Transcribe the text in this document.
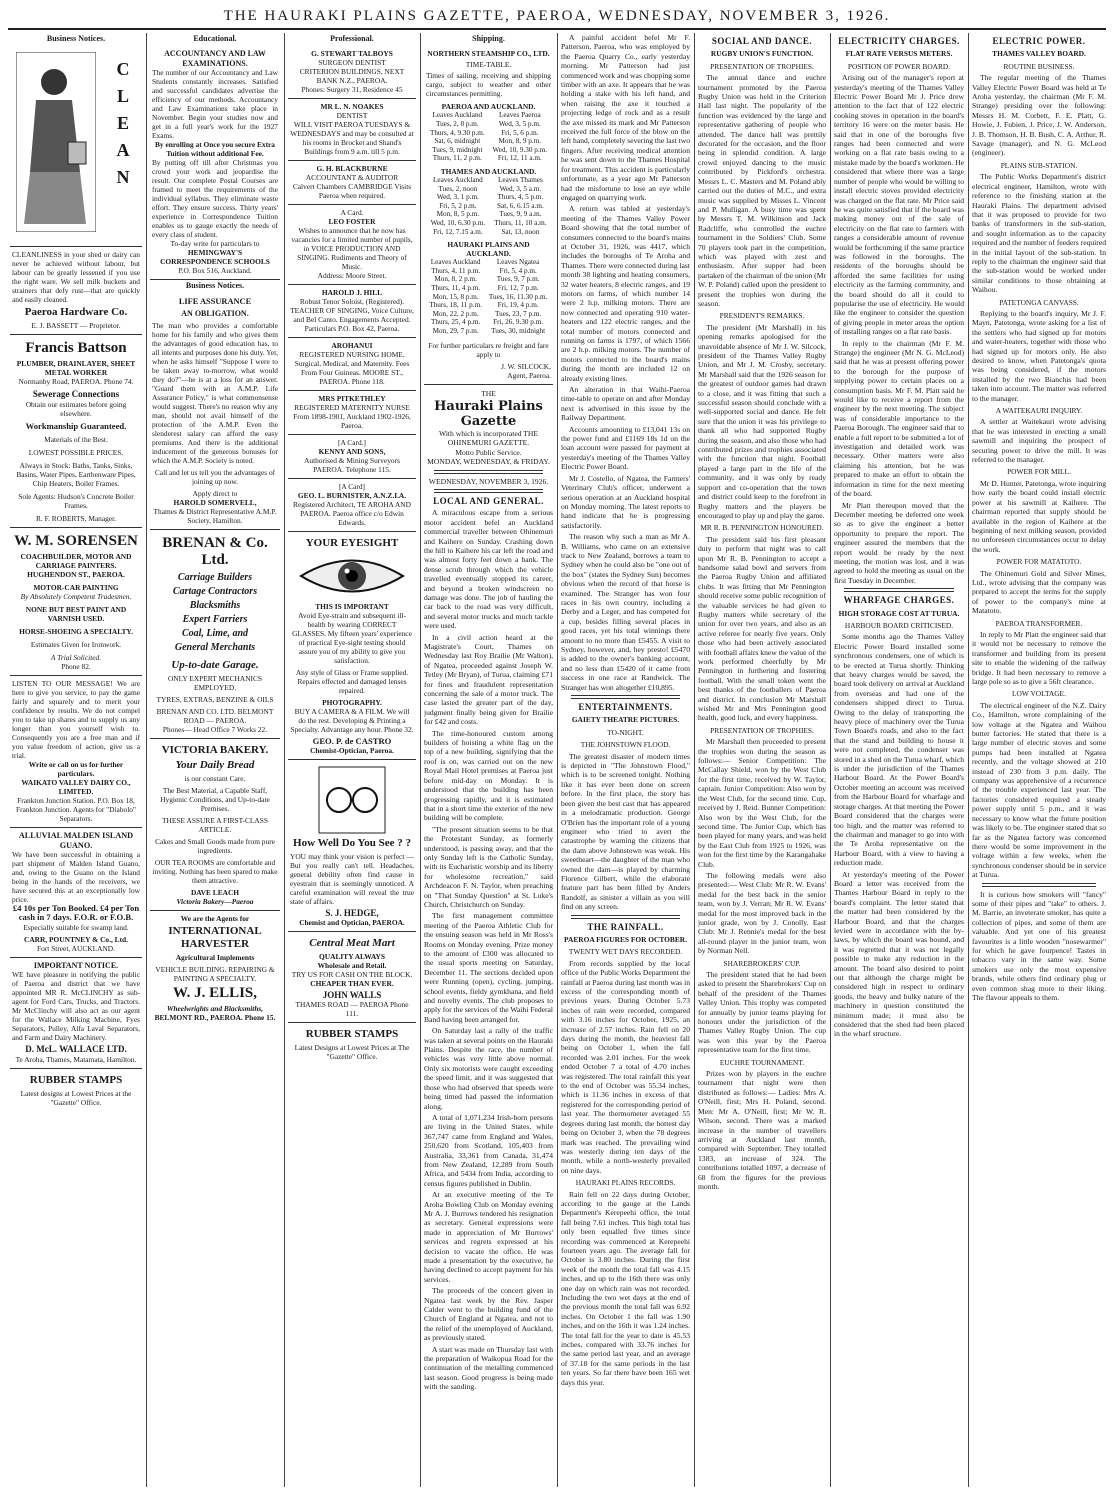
THE HAURAKI PLAINS GAZETTE, PAEROA, WEDNESDAY, NOVEMBER 3, 1926.
Business Notices.
C
L
E
A
N
CLEANLINESS in your shed or dairy can never be achieved without labour, but labour can be greatly lessened if you use the right ware. We sell milk buckets and strainers that defy rust—that are quickly and easily cleaned.
Paeroa Hardware Co.
E. J. BASSETT — Proprietor.
Francis Battson
PLUMBER, DRAINLAYER, SHEET METAL WORKER
Normanby Road, PAEROA. Phone 74.
Sewerage Connections
Obtain our estimates before going elsewhere.
Workmanship Guaranteed.
Materials of the Best.
LOWEST POSSIBLE PRICES.
Always in Stock: Baths, Tanks, Sinks, Basins, Water Pipes, Earthenware Pipes, Chip Heaters, Boiler Frames.
Sole Agents: Hudson's Concrete Boiler Frames.
R. F. ROBERTS, Manager.
W. M. SORENSEN
COACHBUILDER, MOTOR AND CARRIAGE PAINTERS. HUGHENDON ST., PAEROA.
MOTOR-CAR PAINTING
By Absolutely Competent Tradesmen.
NONE BUT BEST PAINT AND VARNISH USED.
HORSE-SHOEING A SPECIALTY.
Estimates Given for Ironwork.
A Trial Solicited.
Phone 82.
LISTEN TO OUR MESSAGE! We are here to give you service, to pay the game fairly and squarely and to merit your confidence by results. We do not compel you to take up shares and to supply us any longer than you yourself wish to. Consequently you are a free man and if you value freedom of action, give us a trial.
Write or call on us for further particulars.
WAIKATO VALLEY DAIRY CO., LIMITED.
Frankton Junction Station. P.O. Box 18, Frankton Junction. Agents for "Diabolo" Separators.
ALLUVIAL MALDEN ISLAND GUANO.
We have been successful in obtaining a part shipment of Malden Island Guano, and, owing to the Guano on the Island being in the hands of the receivers, we have secured this at an exceptionally low price.
£4 10s per Ton Booked. £4 per Ton cash in 7 days. F.O.R. or F.O.B.
Especially suitable for swamp land.
CARR, POUNTNEY & Co., Ltd.
Fort Street, AUCKLAND.
IMPORTANT NOTICE.
WE have pleasure in notifying the public of Paeroa and district that we have appointed MR R. McCLINCHY as sub-agent for Ford Cars, Trucks, and Tractors. Mr McClinchy will also act as our agent for the Wallace Milking Machine, Fyes Separators, Pulley, Alfa Laval Separators, and Farm and Dairy Machinery.
D. McL. WALLACE LTD.
Te Aroha, Thames, Matamata, Hamilton.
RUBBER STAMPS
Latest designs at Lowest Prices at the "Gazette" Office.
Educational.
ACCOUNTANCY AND LAW EXAMINATIONS.
The number of our Accountancy and Law Students constantly increases. Satisfied and successful candidates advertise the efficiency of our methods. Accountancy and Law Examinations take place in November. Begin your studies now and get in a full year's work for the 1927 Exams.
By enrolling at Once you secure Extra Tuition without additional Fee.
By putting off till after Christmas you crowd your work and jeopardise the result. Our complete Postal Courses are framed to meet the requirements of the individual syllabus. They eliminate waste effort. They ensure success. Thirty years' experience in Correspondence Tuition enables us to gauge exactly the needs of every class of student.
To-day write for particulars to
HEMINGWAY'S CORRESPONDENCE SCHOOLS
P.O. Box 516, Auckland.
Business Notices.
LIFE ASSURANCE
AN OBLIGATION.
The man who provides a comfortable home for his family and who gives them the advantages of good education has, to all intents and purposes done his duty. Yet, when he asks himself "Suppose I were to be taken away to-morrow, what would they do?"—he is at a loss for an answer. "Guard them with an A.M.P. Life Assurance Policy," is what commonsense would suggest. There's no reason why any man, should not avail himself of the protection of the A.M.P. Even the slenderest salary can afford the easy premiums. And there is the additional inducement of the generous bonuses for which the A.M.P. Society is noted.
Call and let us tell you the advantages of joining up now.
Apply direct to
HAROLD SOMERVELL,
Thames & District Representative A.M.P. Society, Hamilton.
BRENAN & Co. Ltd.
Carriage Builders
Cartage Contractors
Blacksmiths
Expert Farriers
Coal, Lime, and
General Merchants
Up-to-date Garage.
ONLY EXPERT MECHANICS EMPLOYED.
TYRES, EXTRAS, BENZINE & OILS
BRENAN AND CO. LTD. BELMONT ROAD — PAEROA.
Phones— Head Office 7 Works 22.
VICTORIA BAKERY.
Your Daily Bread
is our constant Care.
The Best Material, a Capable Staff, Hygienic Conditions, and Up-to-date Premises.
THESE ASSURE A FIRST-CLASS ARTICLE.
Cakes and Small Goods made from pure ingredients.
OUR TEA ROOMS are comfortable and inviting. Nothing has been spared to make them attractive.
DAVE LEACH
Victoria Bakery—Paeroa
We are the Agents for
INTERNATIONAL HARVESTER
Agricultural Implements
VEHICLE BUILDING. REPAIRING & PAINTING A SPECIALTY.
W. J. ELLIS,
Wheelwrights and Blacksmiths,
BELMONT RD., PAEROA. Phone 15.
Professional.
G. STEWART TALBOYS
SURGEON DENTIST
CRITERION BUILDINGS, NEXT BANK N.Z., PAEROA.
Phones: Surgery 31, Residence 45
MR L. N. NOAKES
DENTIST
WILL VISIT PAEROA TUESDAYS & WEDNESDAYS and may be consulted at his rooms in Brocket and Shand's Buildings from 9 a.m. till 5 p.m.
G. H. BLACKBURNE
ACCOUNTANT & AUDITOR
Calvert Chambers CAMBRIDGE Visits Paeroa when required.
A Card.
LEO FOSTER
Wishes to announce that he now has vacancies for a limited number of pupils, in VOICE PRODUCTION AND SINGING. Rudiments and Theory of Music.
Address: Moore Street.
HAROLD J. HILL
Robust Tenor Soloist, (Registered). TEACHER OF SINGING, Voice Culture, and Bel Canto. Engagements Accepted.
Particulars P.O. Box 42, Paeroa.
AROHANUI
REGISTERED NURSING HOME. Surgical, Medical, and Maternity. Fees From Four Guineas. MOORE ST., PAEROA. Phone 118.
MRS PITKETHLEY
REGISTERED MATERNITY NURSE From 1898-1901, Auckland 1902-1926, Paeroa.
[A Card.]
KENNY AND SONS,
Authorised & Mining Surveyors PAEROA. Telephone 115.
[A Card]
GEO. L. BURNISTER, A.N.Z.I.A.
Registered Architect, TE AROHA AND PAEROA. Paeroa office c/o Edwin Edwards.
YOUR EYESIGHT
THIS IS IMPORTANT
Avoid Eye-strain and subsequent ill-health by wearing CORRECT GLASSES. My fifteen years' experience of practical Eye-sight testing should assure you of my ability to give you satisfaction.
Any style of Glass or Frame supplied. Repairs effected and damaged lenses repaired.
PHOTOGRAPHY.
BUY A CAMERA & A FILM. We will do the rest. Developing & Printing a Specialty. Advantage any hour. Phone 32.
GEO. P. de CASTRO
Chemist-Optician, Paeroa.
How Well Do You See ? ?
YOU may think your vision is perfect — But you really can't tell. Headaches, general debility often find cause in eyestrain that is seemingly unnoticed. A careful examination will reveal the true state of affairs.
S. J. HEDGE,
Chemist and Optician, PAEROA.
Central Meat Mart
QUALITY ALWAYS
Wholesale and Retail.
TRY US FOR CASH ON THE BLOCK.
CHEAPER THAN EVER.
JOHN WALLS
THAMES ROAD — PAEROA Phone 111.
RUBBER STAMPS
Latest Designs at Lowest Prices at The "Gazette" Office.
Shipping.
NORTHERN STEAMSHIP CO., LTD.
TIME-TABLE.
Times of sailing, receiving and shipping cargo, subject to weather and other circumstances permitting.
PAEROA AND AUCKLAND.
Leaves Auckland	Leaves Paeroa
Tues, 2, 8 p.m.	Wed, 3, 5 p.m.
Thurs, 4, 9.30 p.m.	Fri, 5, 6 p.m.
Sat, 6, midnight	Mon, 8, 9 p.m.
Tues, 9, midnight	Wed, 10, 9.30 p.m.
Thurs, 11, 2 p.m.	Fri, 12, 11 a.m.
THAMES AND AUCKLAND.
Leaves Auckland	Leaves Thames
Tues, 2, noon	Wed, 3, 5 a.m.
Wed, 3, 1 p.m.	Thurs, 4, 5 p.m.
Fri, 5, 2 p.m.	Sat, 6, 6.15 a.m.
Mon, 8, 5 p.m.	Tues, 9, 9 a.m.
Wed, 10, 6.30 p.m.	Thurs, 11, 10 a.m.
Fri, 12, 7.15 a.m.	Sat, 13, noon
HAURAKI PLAINS AND AUCKLAND.
Leaves Auckland	Leaves Ngatea
Thurs, 4, 11 p.m.	Fri, 5, 4 p.m.
Mon, 8, 2 p.m.	Tues, 9, 7 p.m.
Thurs, 11, 4 p.m.	Fri, 12, 7 p.m.
Mon, 15, 8 p.m.	Tues, 16, 11.30 p.m.
Thurs, 18, 11 p.m.	Fri, 19, 4 p.m.
Mon, 22, 2 p.m.	Tues, 23, 7 p.m.
Thurs, 25, 4 p.m.	Fri, 26, 9.30 p.m.
Mon, 29, 7 p.m.	Tues, 30, midnight
For further particulars re freight and fare apply to
J. W. SILCOCK,
Agent, Paeroa.
THE
Hauraki Plains Gazette
With which is incorporated THE OHINEMURI GAZETTE.
Motto Public Service.
MONDAY, WEDNESDAY, & FRIDAY.
WEDNESDAY, NOVEMBER 3, 1926.
LOCAL AND GENERAL.

A miraculous escape from a serious motor accident befel an Auckland commercial traveller between Ohinemuri and Kaihere on Sunday. Crashing down the hill to Kaihere his car left the road and was almost forty feet down a bank. The dense scrub through which the vehicle travelled eventually stopped its career, and beyond a broken windscreen no damage was done. The job of hauling the car back to the road was very difficult, and several motor trucks and much tackle were used.

In a civil action heard at the Magistrate's Court, Thames on Wednesday last Roy Brailie (Mr Walton), of Ngatea, proceeded against Joseph W. Tetley (Mr Bryan), of Turua, claiming £71 for fines and fraudulent representation concerning the sale of a motor truck. The case lasted the greater part of the day, judgment finally being given for Brailie for £42 and costs.

The time-honoured custom among builders of hoisting a white flag on the top of a new building, signifying that the roof is on, was carried out on the new Royal Mail Hotel premises at Paeroa just before mid-day on Monday. It is understood that the building has been progressing rapidly, and it is estimated that in a short time the exterior of the new building will be complete.

"The present situation seems to be that the Protestant Sunday, as formerly understood, is passing away, and that the only Sunday left is the Catholic Sunday, with its Eucharistic worship and its liberty for wholesome recreation," said Archdeacon F. N. Taylor, when preaching on "That Sunday Question" at St. Luke's Church, Christchurch on Sunday.

The first management committee meeting of the Paeroa Athletic Club for the ensuing season was held in Mr Ross's Rooms on Monday evening. Prize money to the amount of £300 was allocated to the usual sports meeting on Saturday, December 11. The sections decided upon were Running (open), cycling, jumping, school events, fieldy gymkhana, and field and novelty events. The club proposes to apply for the services of the Waihi Federal Band having been arranged for.

On Saturday last a rally of the traffic was taken at several points on the Hauraki Plains. Despite the race, the number of vehicles was very little above normal. Only six motorists were caught exceeding the speed limit, and it was suggested that those who had observed that speeds were being timed had passed the information along.

A total of 1,071,234 Irish-born persons are living in the United States, while 367,747 came from England and Wales, 250,620 from Scotland, 105,403 from Australia, 33,361 from Canada, 31,474 from New Zealand, 12,289 from South Africa, and 5434 from India, according to census figures published in Dublin.

At an executive meeting of the Te Aroha Bowling Club on Monday evening Mr A. J. Burrows tendered his resignation as secretary. General expressions were made in appreciation of Mr Burrows' services and regrets expressed at his decision to vacate the office. He was made a presentation by the executive, he having declined to accept payment for his services.

The proceeds of the concert given in Ngatea last week by the Rev. Jasper Calder went to the building fund of the Church of England at Ngatea, and not to the relief of the unemployed of Auckland, as previously stated.

A start was made on Thursday last with the preparation of Waikopua Road for the continuation of the metalling commenced last season. Good progress is being made with the sanding.

A painful accident befel Mr F. Patterson, Paeroa, who was employed by the Paeroa Quarry Co., early yesterday morning. Mr Patterson had just commenced work and was chopping some timber with an axe. It appears that he was holding a stake with his left hand, and when raising the axe it touched a projecting ledge of rock and as a result the axe missed its mark and Mr Patterson received the full force of the blow on the left hand, completely severing the last two fingers. After receiving medical attention he was sent down to the Thames Hospital for treatment. This accident is particularly unfortunate, as a year ago Mr Patterson had the misfortune to lose an eye while engaged on quarrying work.

A return was tabled at yesterday's meeting of the Thames Valley Power Board showing that the total number of consumers connected to the board's mains at October 31, 1926, was 4417, which includes the boroughs of Te Aroha and Thames. There were connected during last month 38 lighting and heating consumers, 32 water heaters, 8 electric ranges, and 19 motors on farms, of which number 14 were 2 h.p. milking motors. There are now connected and operating 910 water-heaters and 122 electric ranges, and the total number of motors connected and running on farms is 1797, of which 1566 are 2 h.p. milking motors. The number of motors connected to the board's mains during the month are included 12 on already existing lines.

An alteration in that Waihi-Paeroa time-table to operate on and after Monday next is advertised in this issue by the Railway Department.

Accounts amounting to £13,041 13s on the power fund and £1169 18s 1d on the loan account were passed for payment at yesterday's meeting of the Thames Valley Electric Power Board.

Mr J. Costello, of Ngatea, the Farmers' Veterinary Club's officer, underwent a serious operation at an Auckland hospital on Monday morning. The latest reports to hand indicate that he is progressing satisfactorily.

The reason why such a man as Mr A. B. Williams, who came on an extensive track to New Zealand, borrows a team to Sydney when he could also be "one out of the box" (states the Sydney Sun) becomes obvious when the record of that horse is examined. The Stranger has won four races in his own country, including a Derby and a Leger, and has competed for a cup, besides filling several places in good races, yet his total winnings there amount to no more than £5455. A visit to Sydney, however, and, hey presto! £5470 is added to the owner's banking account, and no less than £5420 of it came from success in one race at Randwick. The Stranger has won altogether £10,895.

ENTERTAINMENTS.
GAIETY THEATRE PICTURES.
TO-NIGHT.
THE JOHNSTOWN FLOOD.

The greatest disaster of modern times is depicted in "The Johnstown Flood," which is to be screened tonight. Nothing like it has ever been done on screen before. In the first place, the story has been given the best cast that has appeared in a melodramatic production. George O'Brien has the important role of a young engineer who tried to avert the catastrophe by warning the citizens that the dam above Johnstown was weak. His sweetheart—the daughter of the man who owned the dam—is played by charming Florence Gilbert, while the elaborate feature part has been filled by Anders Randolf, as sinister a villain as you will find on any screen.

THE RAINFALL.
PAEROA FIGURES FOR OCTOBER.
TWENTY WET DAYS RECORDED.

From records supplied by the local office of the Public Works Department the rainfall at Paeroa during last month was in excess of the corresponding month of previous years. During October 5.73 inches of rain were recorded, compared with 3.16 inches for October, 1925, an increase of 2.57 inches. Rain fell on 20 days during the month, the heaviest fall being on October 1, when the fall recorded was 2.01 inches. For the week ended October 7 a total of 4.70 inches was registered. The total rainfall this year to the end of October was 55.34 inches, which is 11.36 inches in excess of that registered for the corresponding period of last year. The thermometer averaged 55 degrees during last month, the hottest day being on October 3, when the 78 degrees mark was reached. The prevailing wind was westerly during ten days of the month, while a north-westerly prevailed on nine days.

HAURAKI PLAINS RECORDS.

Rain fell on 22 days during October, according to the gauge at the Lands Department's Kerepeehi office, the total fall being 7.61 inches. This high total has only been equalled five times since recording was commenced at Kerepeehi fourteen years ago. The average fall for October is 3.80 inches. During the first week of the month the total fall was 4.15 inches, and up to the 16th there was only one day on which rain was not recorded. Including the two wet days at the end of the previous month the total fall was 6.92 inches. On October 1 the fall was 1.90 inches, and on the 16th it was 1.24 inches. The total fall for the year to date is 45.53 inches, compared with 33.76 inches for the same period last year, and an average of 37.18 for the same periods in the last ten years. So far there have been 165 wet days this year.

SOCIAL AND DANCE.
RUGBY UNION'S FUNCTION.
PRESENTATION OF TROPHIES.

The annual dance and euchre tournament promoted by the Paeroa Rugby Union was held in the Criterion Hall last night. The popularity of the function was evidenced by the large and representative gathering of people who attended. The dance hall was prettily decorated for the occasion, and the floor being in splendid condition. A large crowd enjoyed dancing to the music contributed by Pickford's orchestra. Messrs L. C. Masters and M. Poland ably carried out the duties of M.C., and extra music was supplied by Misses L. Vincent and P. Mulligan. A busy time was spent by Messrs T. M. Wilkinson and Jack Radcliffe, who controlled the euchre tournament in the Soldiers' Club. Some 70 players took part in the competition, which was played with zest and enthusiasm. After supper had been partaken of the chairman of the union (Mr W. P. Poland) called upon the president to present the trophies won during the season.

PRESIDENT'S REMARKS.

The president (Mr Marshall) in his opening remarks apologised for the unavoidable absence of Mr J. W. Silcock, president of the Thames Valley Rugby Union, and Mr J. M. Crosby, secretary. Mr Marshall said that the 1926 season for the greatest of outdoor games had drawn to a close, and it was fitting that such a successful season should conclude with a well-supported social and dance. He felt sure that the union it was his privilege to thank all who had supported Rugby during the season, and also those who had contributed prizes and trophies associated with the function that night. Football played a large part in the life of the community, and it was only by ready support and co-operation that the town and district could keep to the forefront in Rugby matters and the players be encouraged to play up and play the game.

MR R. B. PENNINGTON HONOURED.

The president said his first pleasant duty to perform that night was to call upon Mr R. B. Pennington to accept a handsome salad bowl and servers from the Paeroa Rugby Union and affiliated clubs. It was fitting that Mr Pennington should receive some public recognition of the valuable services he had given to Rugby matters while secretary of the union for over two years, and also as an active referee for nearly five years. Only those who had been actively associated with football affairs knew the value of the work performed cheerfully by Mr Pennington in furthering and fostering football. With the small token went the best thanks of the footballers of Paeroa and district. In conclusion Mr Marshall wished Mr and Mrs Pennington good health, good luck, and every happiness.

PRESENTATION OF TROPHIES.

Mr Marshall then proceeded to present the trophies won during the season as follows:— Senior Competition: The McCallay Shield, won by the West Club for the first time, received by W. Taylor, captain. Junior Competition: Also won by the West Club, for the second time. Cup, received by J. Reid. Bunner Competition: Also won by the West Club, for the second time. The Junior Cup, which has been played for many years, and was held by the East Club from 1925 to 1926, was won for the first time by the Karangahake Club.

The following medals were also presented:— West Club: Mr R. W. Evans' medal for the best back in the senior team, won by J. Verran; Mr R. W. Evans' medal for the most improved back in the junior grade, won by J. Conolly. East Club: Mr J. Rennie's medal for the best all-round player in the junior team, won by Norman Nell.

SHAREBROKERS' CUP.

The president stated that he had been asked to present the Sharebrokers' Cup on behalf of the president of the Thames Valley Union. This trophy was competed for annually by junior teams playing for honours under the jurisdiction of the Thames Valley Rugby Union. The cup was won this year by the Paeroa representative team for the first time.

EUCHRE TOURNAMENT.

Prizes won by players in the euchre tournament that night were then distributed as follows:— Ladies: Mrs A. O'Neill, first; Mrs H. Poland, second. Men: Mr A. O'Neill, first; Mr W. R. Wilson, second. There was a marked increase in the number of travellers arriving at Auckland last month, compared with September. They totalled 1383, an increase of 324. The contributions totalled 1097, a decrease of 68 from the figures for the previous month.

ELECTRICITY CHARGES.
FLAT RATE VERSUS METERS.
POSITION OF POWER BOARD.

Arising out of the manager's report at yesterday's meeting of the Thames Valley Electric Power Board Mr J. Price drew attention to the fact that of 122 electric cooking stoves in operation in the board's territory 16 were on the meter basis. He said that in one of the boroughs five ranges had been connected and were working on a flat rate basis owing to a mistake made by the board's workmen. He considered that where there was a large number of people who would be willing to install electric stoves provided electricity was charged on the flat rate. Mr Price said he was quite satisfied that if the board was making money out of the sale of electricity on the flat rate to farmers with ranges a considerable amount of revenue would be forthcoming if the same practice was followed in the boroughs. The residents of the boroughs should be afforded the same facilities for using electricity as the farming community, and the board should do all it could to popularise the use of electricity. He would like the engineer to consider the question of giving people in meter areas the option of installing ranges on a flat rate basis.

In reply to the chairman (Mr F. M. Strange) the engineer (Mr N. G. McLeod) said that he was at present offering power to the borough for the purpose of supplying power to certain places on a consumption basis. Mr F. M. Platt said he would like to receive a report from the engineer by the next meeting. The subject was of considerable importance to the Paeroa Borough. The engineer said that to enable a full report to be submitted a lot of investigation and detailed work was necessary. Other matters were also claiming his attention, but he was prepared to make an effort to obtain the information in time for the next meeting of the board.

Mr Platt thereupon moved that the December meeting be deferred one week so as to give the engineer a better opportunity to prepare the report. The engineer assured the members that the report would be ready by the next meeting, the motion was lost, and it was agreed to hold the meeting as usual on the first Tuesday in December.

WHARFAGE CHARGES.
HIGH STORAGE COST AT TURUA.
HARBOUR BOARD CRITICISED.

Some months ago the Thames Valley Electric Power Board installed some synchronous condensers, one of which is to be erected at Turua shortly. Thinking that heavy charges would be saved, the board took delivery on arrival at Auckland from overseas and had one of the condensers shipped direct to Turua. Owing to the delay of transporting the heavy piece of machinery over the Turua Town Board's roads, and also to the fact that the stand and building to house it were not completed, the condenser was stored in a shed on the Turua wharf, which is under the jurisdiction of the Thames Harbour Board. At the Power Board's October meeting an account was received from the Harbour Board for wharfage and storage charges. At that meeting the Power Board considered that the charges were too high, and the matter was referred to the chairman and manager to go into with the Te Aroha representative on the Harbour Board, with a view to having a reduction made.

At yesterday's meeting of the Power Board a letter was received from the Thames Harbour Board in reply to the board's complaint. The letter stated that the matter had been considered by the Harbour Board, and that the charges levied were in accordance with the by-laws, by which the board was bound, and it was regretted that it was not legally possible to make any reduction in the amount. The board also desired to point out that although the charge might be considered high in respect to ordinary goods, the heavy and bulky nature of the machinery in question constituted the minimum made; it must also be considered that the shed had been placed in the wharf structure.

ELECTRIC POWER.
THAMES VALLEY BOARD.
ROUTINE BUSINESS.

The regular meeting of the Thames Valley Electric Power Board was held at Te Aroha yesterday, the chairman (Mr F. M. Strange) presiding over the following: Messrs H. M. Corbett, F. E. Platt, G. Howie, J. Fubien, J. Price, J. W. Anderson, J. B. Thomson, H. B. Bush, C. A. Arthur, R. Savage (manager), and N. G. McLeod (engineer).

PLAINS SUB-STATION.

The Public Works Department's district electrical engineer, Hamilton, wrote with reference to the finishing station at the Hauraki Plains. The department advised that it was proposed to provide for two banks of transformers in the sub-station, and sought information as to the capacity required and the number of feeders required in the initial layout of the sub-station. In reply to the chairman the engineer said that the sub-station would be worked under similar conditions to those obtaining at Waihou.

PATETONGA CANVASS.

Replying to the board's inquiry, Mr J. F. Mayn, Patetonga, wrote asking for a list of the settlers who had signed up for motors and water-heaters, together with those who had signed up for motors only. He also desired to know, when Patetonga's quota was being considered, if the motors installed by the two Bianchis had been taken into account. The matter was referred to the manager.

A WAITEKAURI INQUIRY.

A settler at Waitekauri wrote advising that he was interested in erecting a small sawmill and inquiring the prospect of securing power to drive the mill. It was referred to the manager.

POWER FOR MILL.

Mr D. Hunter, Patetonga, wrote inquiring how early the board could install electric power at his sawmill at Kaihere. The chairman reported that supply should be available in the region of Kaihere at the beginning of next milking season, provided no unforeseen circumstances occur to delay the work.

POWER FOR MATATOTO.

The Ohinemuri Gold and Silver Mines, Ltd., wrote advising that the company was prepared to accept the terms for the supply of power to the company's mine at Matatoto.

PAEROA TRANSFORMER.

In reply to Mr Platt the engineer said that it would not be necessary to remove the transformer and building from its present site to enable the widening of the railway bridge. It had been necessary to remove a large pole so as to give a 56ft clearance.

LOW VOLTAGE.

The electrical engineer of the N.Z. Dairy Co., Hamilton, wrote complaining of the low voltage at the Ngatea and Waihou butter factories. He stated that there is a large number of electric stoves and some pumps had been installed at Ngatea recently, and the voltage showed at 210 instead of 230 from 3 p.m. daily. The company was apprehensive of a recurrence of the trouble experienced last year. The factories considered required a steady power supply until 5 p.m., and it was necessary to know what the future position was likely to be. The engineer stated that so far as the Ngatea factory was concerned there would be some improvement in the voltage within a few weeks, when the synchronous condenser should be in service at Turua.

It is curious how smokers will "fancy" some of their pipes and "take" to others. J. M. Barrie, an inveterate smoker, has quite a collection of pipes, and some of them are valuable. And yet one of his greatest favourites is a little wooden "nosewarmer" for which he gave fourpence! Tastes in tobacco vary in the same way. Some smokers use only the most expensive brands, while others find ordinary plug or even common shag more to their liking. The flavour appeals to them.
